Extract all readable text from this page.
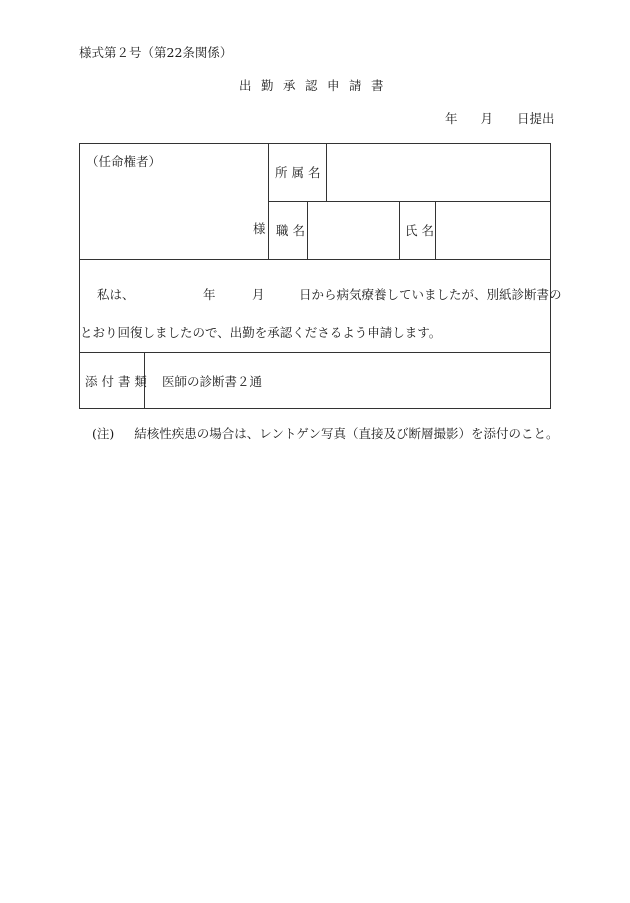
様式第２号（第22条関係）
出勤承認申請書
年 月 日提出
（任命権者）
様
所 属 名
職 名	氏 名
私は、	年	月	日から病気療養していましたが、別紙診断書の
とおり回復しましたので、出勤を承認くださるよう申請します。
添 付 書 類 医師の診断書２通
(注) 結核性疾患の場合は、レントゲン写真（直接及び断層撮影）を添付のこと。
